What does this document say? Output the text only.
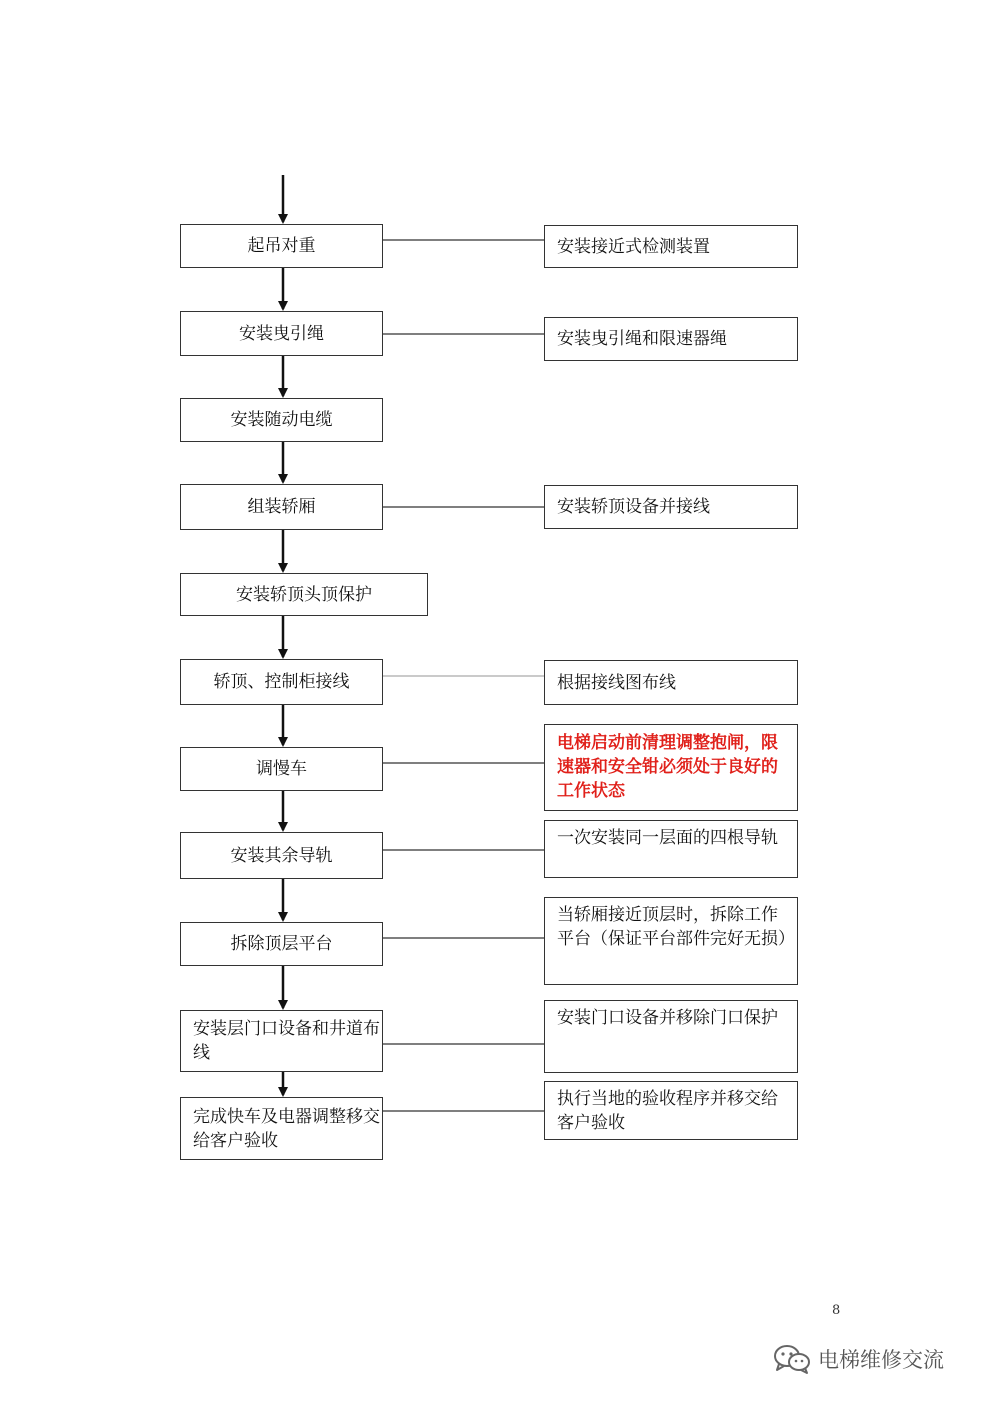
起吊对重
安装曳引绳
安装随动电缆
组装轿厢
安装轿顶头顶保护
轿顶、控制柜接线
调慢车
安装其余导轨
拆除顶层平台
安装层门口设备和井道布线
完成快车及电器调整移交给客户验收
安装接近式检测装置
安装曳引绳和限速器绳
安装轿顶设备并接线
根据接线图布线
电梯启动前清理调整抱闸，限速器和安全钳必须处于良好的工作状态
一次安装同一层面的四根导轨
当轿厢接近顶层时，拆除工作平台（保证平台部件完好无损）
安装门口设备并移除门口保护
执行当地的验收程序并移交给客户验收
8
电梯维修交流
